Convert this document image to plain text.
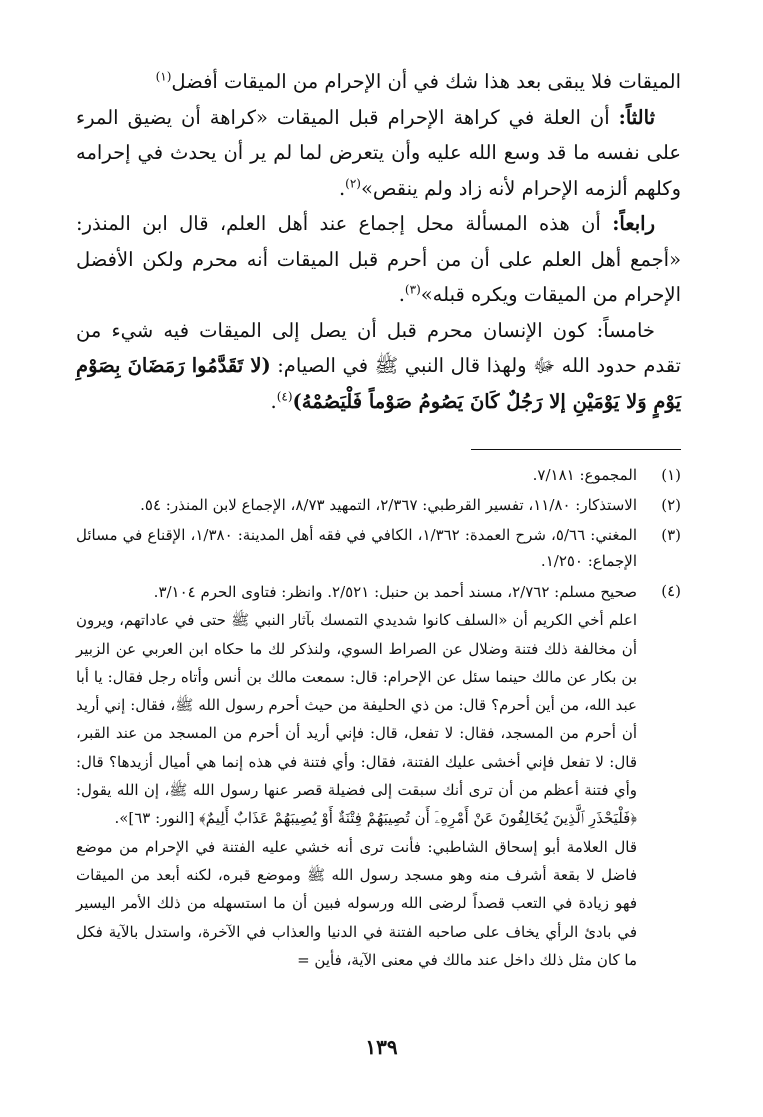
الميقات فلا يبقى بعد هذا شك في أن الإحرام من الميقات أفضل$^{(١)}$

ثالثاً: أن العلة في كراهة الإحرام قبل الميقات «كراهة أن يضيق المرء على نفسه ما قد وسع الله عليه وأن يتعرض لما لم ير أن يحدث في إحرامه وكلهم ألزمه الإحرام لأنه زاد ولم ينقص»$^{(٢)}$.

رابعاً: أن هذه المسألة محل إجماع عند أهل العلم، قال ابن المنذر: «أجمع أهل العلم على أن من أحرم قبل الميقات أنه محرم ولكن الأفضل الإحرام من الميقات ويكره قبله»$^{(٣)}$.

خامساً: كون الإنسان محرم قبل أن يصل إلى الميقات فيه شيء من تقدم حدود الله ﷻ ولهذا قال النبي ﷺ في الصيام: (لا تَقَدَّمُوا رَمَضَانَ بِصَوْمِ يَوْمٍ وَلا يَوْمَيْنِ إلا رَجُلٌ كَانَ يَصُومُ صَوْماً فَلْيَصُمْهُ)$^{(٤)}$.

(١)
المجموع: ٧/١٨١.
(٢)
الاستذكار: ١١/٨٠، تفسير القرطبي: ٢/٣٦٧، التمهيد ٨/٧٣، الإجماع لابن المنذر: ٥٤.
(٣)
المغني: ٥/٦٦، شرح العمدة: ١/٣٦٢، الكافي في فقه أهل المدينة: ١/٣٨٠، الإقناع في مسائل الإجماع: ١/٢٥٠.
(٤)

صحيح مسلم: ٢/٧٦٢، مسند أحمد بن حنبل: ٢/٥٢١. وانظر: فتاوى الحرم ٣/١٠٤.

اعلم أخي الكريم أن «السلف كانوا شديدي التمسك بآثار النبي ﷺ حتى في عاداتهم، ويرون أن مخالفة ذلك فتنة وضلال عن الصراط السوي، ولنذكر لك ما حكاه ابن العربي عن الزبير بن بكار عن مالك حينما سئل عن الإحرام: قال: سمعت مالك بن أنس وأتاه رجل فقال: يا أبا عبد الله، من أين أحرم؟ قال: من ذي الحليفة من حيث أحرم رسول الله ﷺ، فقال: إني أريد أن أحرم من المسجد، فقال: لا تفعل، قال: فإني أريد أن أحرم من المسجد من عند القبر، قال: لا تفعل فإني أخشى عليك الفتنة، فقال: وأي فتنة في هذه إنما هي أميال أزيدها؟ قال: وأي فتنة أعظم من أن ترى أنك سبقت إلى فضيلة قصر عنها رسول الله ﷺ، إن الله يقول: ﴿فَلْيَحْذَرِ ٱلَّذِينَ يُخَالِفُونَ عَنْ أَمْرِهِۦٓ أَن تُصِيبَهُمْ فِتْنَةٌ أَوْ يُصِيبَهُمْ عَذَابٌ أَلِيمٌ﴾ [النور: ٦٣]».

قال العلامة أبو إسحاق الشاطبي: فأنت ترى أنه خشي عليه الفتنة في الإحرام من موضع فاضل لا بقعة أشرف منه وهو مسجد رسول الله ﷺ وموضع قبره، لكنه أبعد من الميقات فهو زيادة في التعب قصداً لرضى الله ورسوله فبين أن ما استسهله من ذلك الأمر اليسير في بادئ الرأي يخاف على صاحبه الفتنة في الدنيا والعذاب في الآخرة، واستدل بالآية فكل ما كان مثل ذلك داخل عند مالك في معنى الآية، فأين =

١٣٩
